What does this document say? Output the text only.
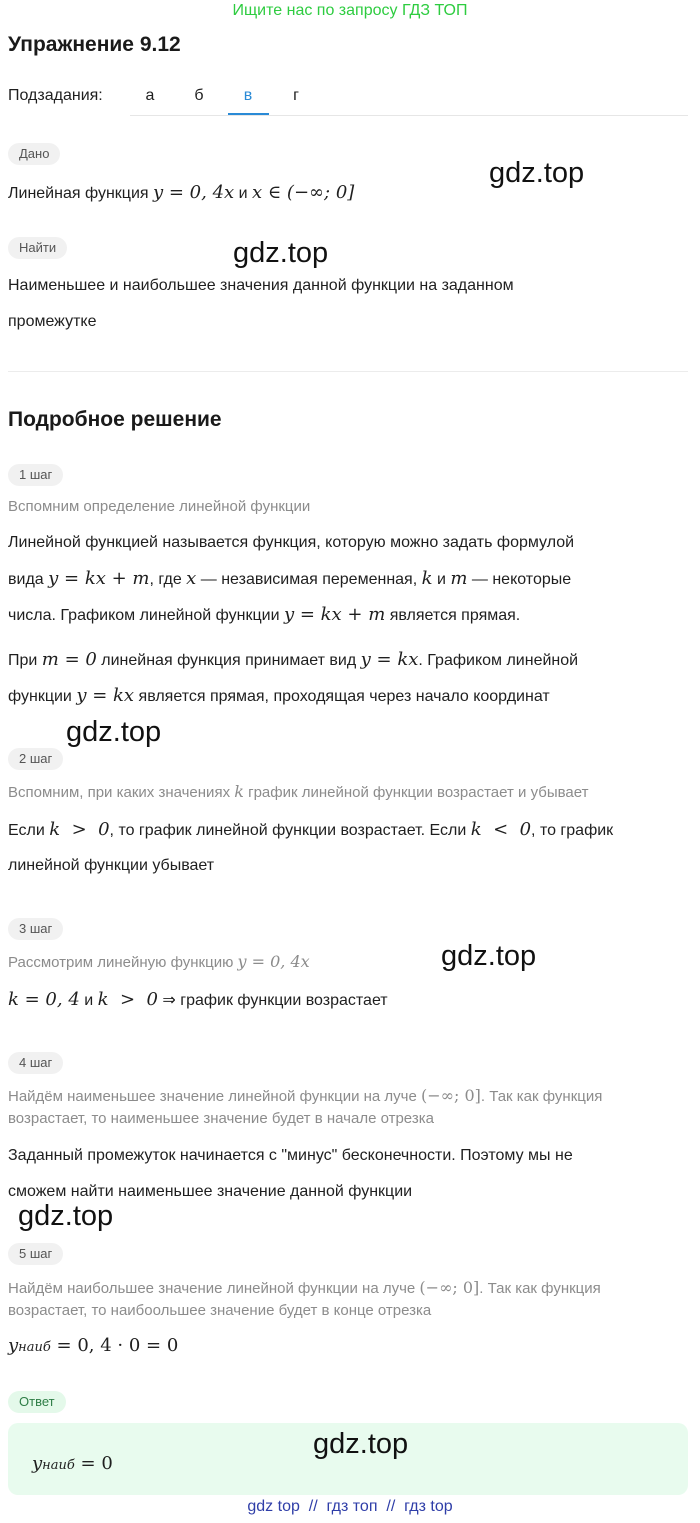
Ищите нас по запросу ГДЗ ТОП
Упражнение 9.12
Подзадания:	а	б	в	г
Дано
Линейная функция y = 0, 4x и x ∈ (−∞; 0]
Найти
Наименьшее и наибольшее значения данной функции на заданном
промежутке
Подробное решение
1 шаг
Вспомним определение линейной функции
Линейной функцией называется функция, которую можно задать формулой
вида y = kx + m, где x — независимая переменная, k и m — некоторые
числа. Графиком линейной функции y = kx + m является прямая.
При m = 0 линейная функция принимает вид y = kx. Графиком линейной
функции y = kx является прямая, проходящая через начало координат
gdz.top
2 шаг
Вспомним, при каких значениях k график линейной функции возрастает и убывает
Если k  >  0, то график линейной функции возрастает. Если k  <  0, то график
линейной функции убывает
3 шаг
Рассмотрим линейную функцию y = 0, 4x	gdz.top
k = 0, 4 и k  >  0 ⇒ график функции возрастает
4 шаг
Найдём наименьшее значение линейной функции на луче (−∞; 0]. Так как функция
возрастает, то наименьшее значение будет в начале отрезка
Заданный промежуток начинается с "минус" бесконечности. Поэтому мы не
сможем найти наименьшее значение данной функции
gdz.top
5 шаг
Найдём наибольшее значение линейной функции на луче (−∞; 0]. Так как функция
возрастает, то наибоольшее значение будет в конце отрезка
yнаиб = 0, 4 · 0 = 0
Ответ
yнаиб = 0
gdz.top
gdz.top
gdz.top
gdz top  //  гдз топ  //  гдз top
